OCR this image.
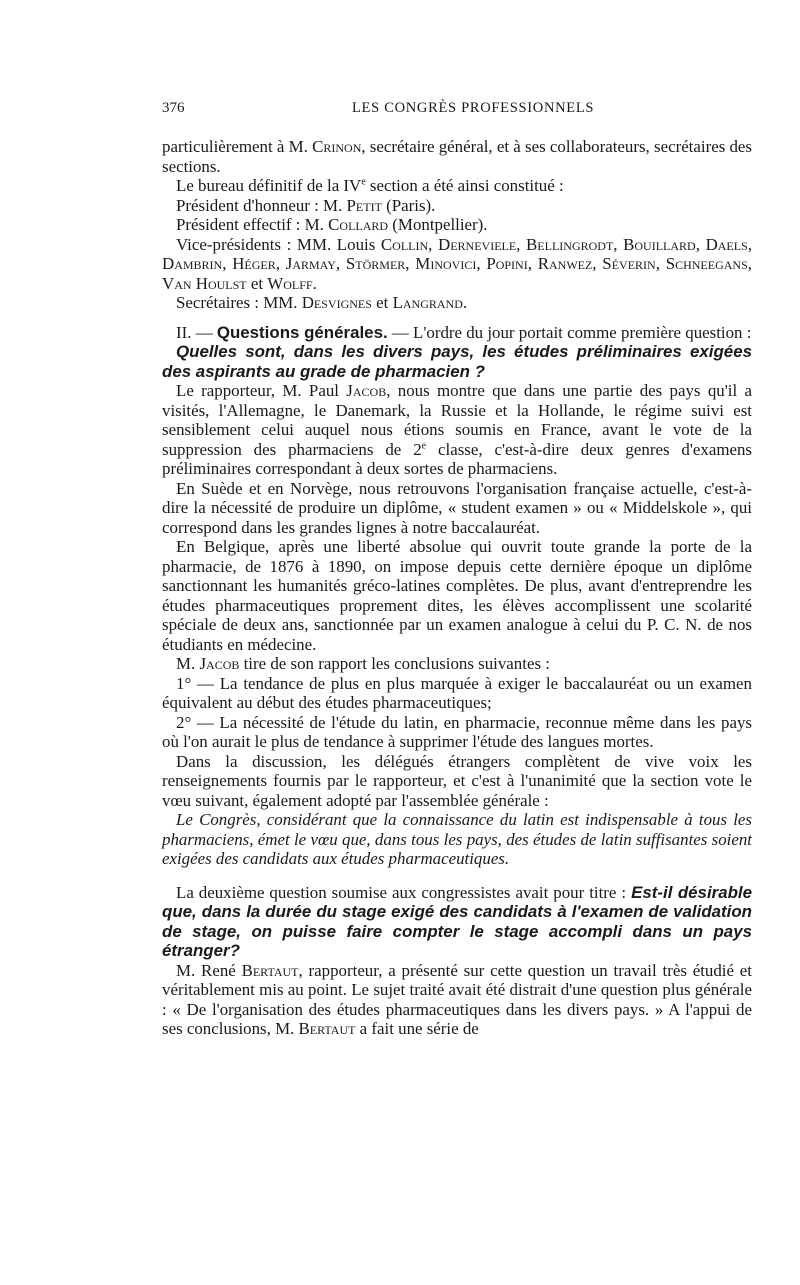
376	LES CONGRÈS PROFESSIONNELS

particulièrement à M. Crinon, secrétaire général, et à ses collaborateurs, secrétaires des sections.

Le bureau définitif de la IVe section a été ainsi constitué :

Président d'honneur : M. Petit (Paris).

Président effectif : M. Collard (Montpellier).

Vice-présidents : MM. Louis Collin, Derneviele, Bellingrodt, Bouillard, Daels, Dambrin, Héger, Jarmay, Störmer, Minovici, Popini, Ranwez, Séverin, Schneegans, Van Houlst et Wolff.

Secrétaires : MM. Desvignes et Langrand.

II. — Questions générales. — L'ordre du jour portait comme première question :

Quelles sont, dans les divers pays, les études préliminaires exigées des aspirants au grade de pharmacien ?

Le rapporteur, M. Paul Jacob, nous montre que dans une partie des pays qu'il a visités, l'Allemagne, le Danemark, la Russie et la Hollande, le régime suivi est sensiblement celui auquel nous étions soumis en France, avant le vote de la suppression des pharmaciens de 2e classe, c'est-à-dire deux genres d'examens préliminaires correspondant à deux sortes de pharmaciens.

En Suède et en Norvège, nous retrouvons l'organisation française actuelle, c'est-à-dire la nécessité de produire un diplôme, « student examen » ou « Middelskole », qui correspond dans les grandes lignes à notre baccalauréat.

En Belgique, après une liberté absolue qui ouvrit toute grande la porte de la pharmacie, de 1876 à 1890, on impose depuis cette dernière époque un diplôme sanctionnant les humanités gréco-latines complètes. De plus, avant d'entreprendre les études pharmaceutiques proprement dites, les élèves accomplissent une scolarité spéciale de deux ans, sanctionnée par un examen analogue à celui du P. C. N. de nos étudiants en médecine.

M. Jacob tire de son rapport les conclusions suivantes :

1° — La tendance de plus en plus marquée à exiger le baccalauréat ou un examen équivalent au début des études pharmaceutiques;

2° — La nécessité de l'étude du latin, en pharmacie, reconnue même dans les pays où l'on aurait le plus de tendance à supprimer l'étude des langues mortes.

Dans la discussion, les délégués étrangers complètent de vive voix les renseignements fournis par le rapporteur, et c'est à l'unanimité que la section vote le vœu suivant, également adopté par l'assemblée générale :

Le Congrès, considérant que la connaissance du latin est indispensable à tous les pharmaciens, émet le vœu que, dans tous les pays, des études de latin suffisantes soient exigées des candidats aux études pharmaceutiques.

La deuxième question soumise aux congressistes avait pour titre : Est-il désirable que, dans la durée du stage exigé des candidats à l'examen de validation de stage, on puisse faire compter le stage accompli dans un pays étranger?

M. René Bertaut, rapporteur, a présenté sur cette question un travail très étudié et véritablement mis au point. Le sujet traité avait été distrait d'une question plus générale : « De l'organisation des études pharmaceutiques dans les divers pays. » A l'appui de ses conclusions, M. Bertaut a fait une série de
